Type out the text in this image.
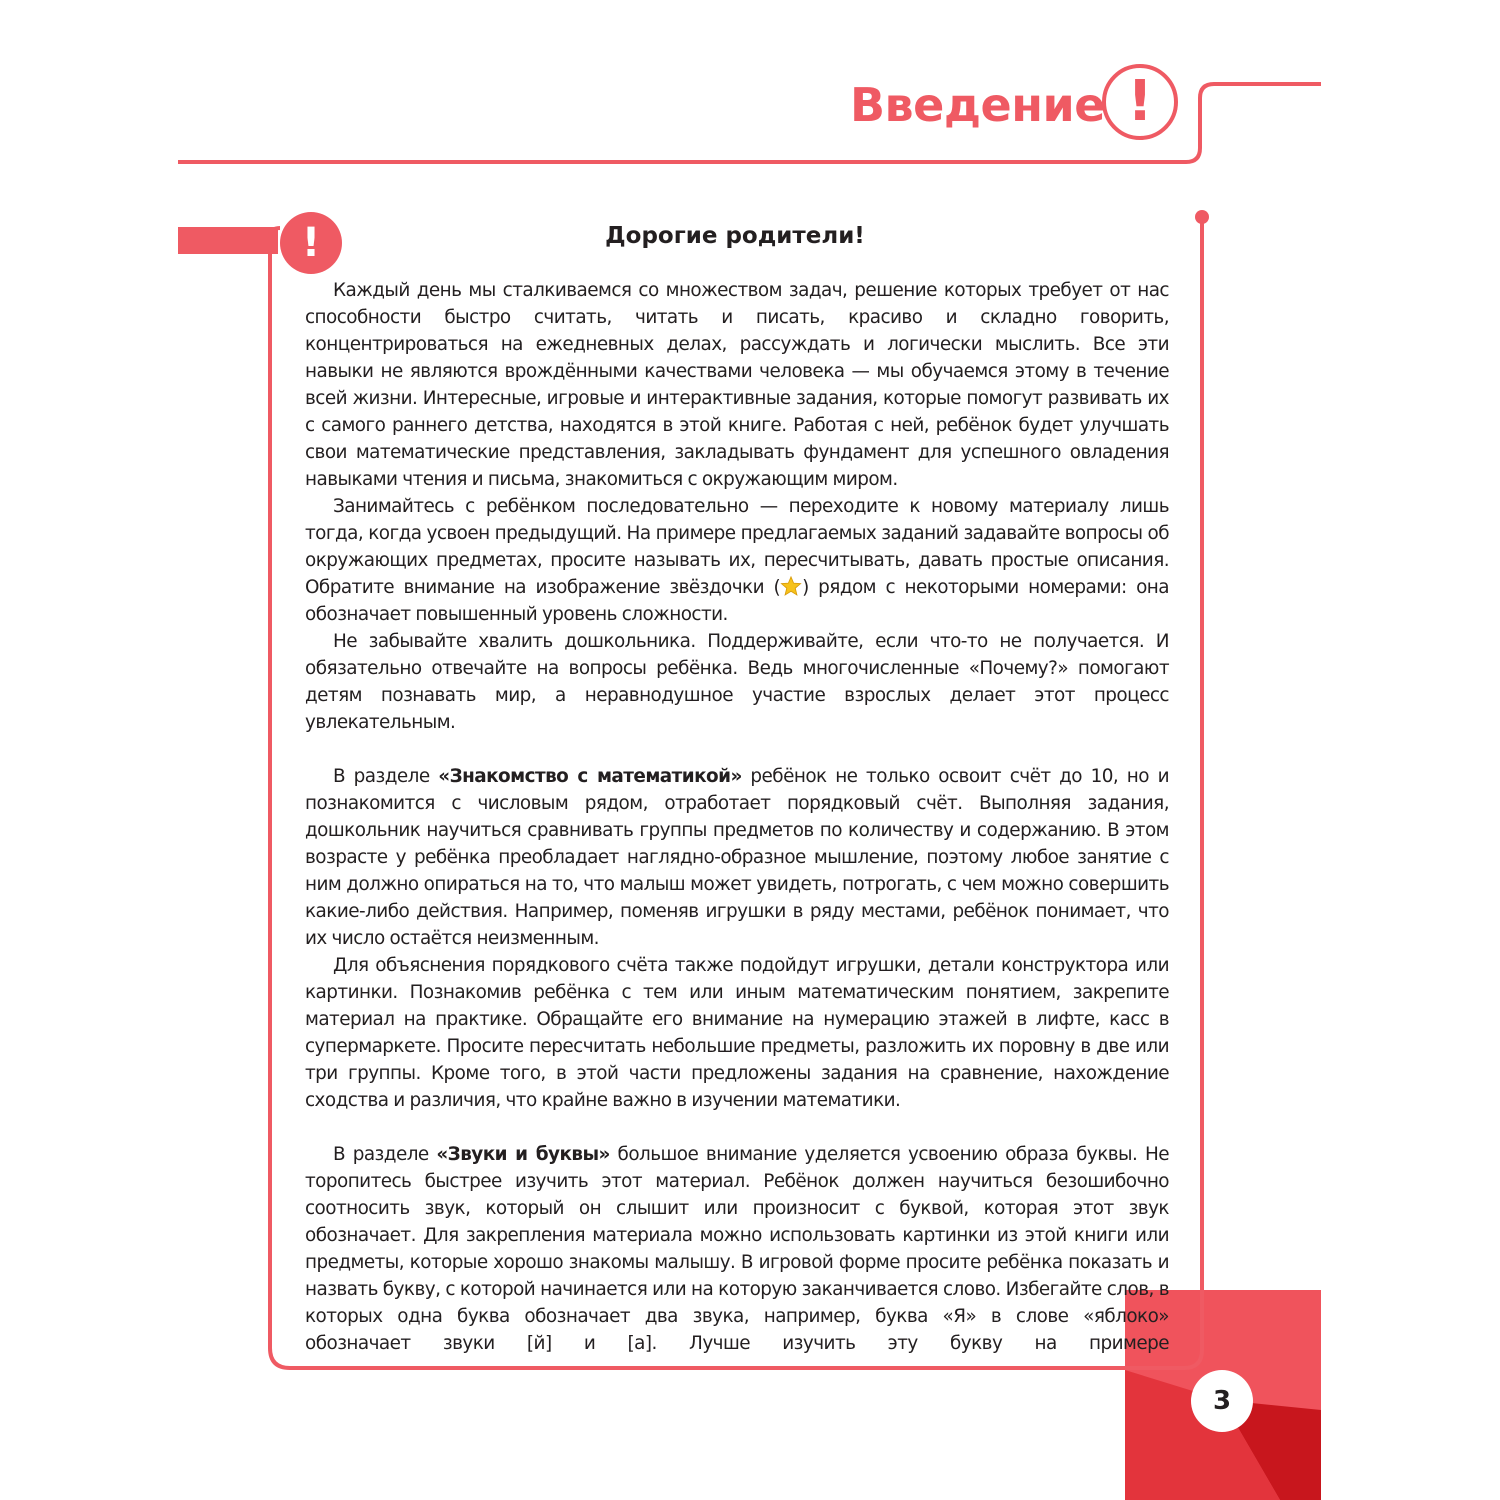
Введение !
!	Дорогие родители!

Каждый день мы сталкиваемся со множеством задач, решение которых требует от нас способности быстро считать, читать и писать, красиво и складно говорить, концентрироваться на ежедневных делах, рассуждать и логически мыслить. Все эти навыки не являются врождёнными качествами человека — мы обучаемся этому в течение всей жизни. Интересные, игровые и интерактивные задания, которые помогут развивать их с самого раннего детства, находятся в этой книге. Работая с ней, ребёнок будет улучшать свои математические представления, закладывать фундамент для успешного овладения навыками чтения и письма, знакомиться с окружающим миром.

Занимайтесь с ребёнком последовательно — переходите к новому материалу лишь тогда, когда усвоен предыдущий. На примере предлагаемых заданий задавайте вопросы об окружающих предметах, просите называть их, пересчитывать, давать простые описания. Обратите внимание на изображение звёздочки ( ) рядом с некоторыми номерами: она обозначает повышенный уровень сложности.

Не забывайте хвалить дошкольника. Поддерживайте, если что-то не получается. И обязательно отвечайте на вопросы ребёнка. Ведь многочисленные «Почему?» помогают детям познавать мир, а неравнодушное участие взрослых делает этот процесс увлекательным.

В разделе «Знакомство с математикой» ребёнок не только освоит счёт до 10, но и познакомится с числовым рядом, отработает порядковый счёт. Выполняя задания, дошкольник научиться сравнивать группы предметов по количеству и содержанию. В этом возрасте у ребёнка преобладает наглядно-образное мышление, поэтому любое занятие с ним должно опираться на то, что малыш может увидеть, потрогать, с чем можно совершить какие-либо действия. Например, поменяв игрушки в ряду местами, ребёнок понимает, что их число остаётся неизменным.

Для объяснения порядкового счёта также подойдут игрушки, детали конструктора или картинки. Познакомив ребёнка с тем или иным математическим понятием, закрепите материал на практике. Обращайте его внимание на нумерацию этажей в лифте, касс в супермаркете. Просите пересчитать небольшие предметы, разложить их поровну в две или три группы. Кроме того, в этой части предложены задания на сравнение, нахождение сходства и различия, что крайне важно в изучении математики.

В разделе «Звуки и буквы» большое внимание уделяется усвоению образа буквы. Не торопитесь быстрее изучить этот материал. Ребёнок должен научиться безошибочно соотносить звук, который он слышит или произносит с буквой, которая этот звук обозначает. Для закрепления материала можно использовать картинки из этой книги или предметы, которые хорошо знакомы малышу. В игровой форме просите ребёнка показать и назвать букву, с которой начинается или на которую заканчивается слово. Избегайте слов, в которых одна буква обозначает два звука, например, буква «Я» в слове «яблоко» обозначает звуки [й] и [а]. Лучше изучить эту букву на примере

3
